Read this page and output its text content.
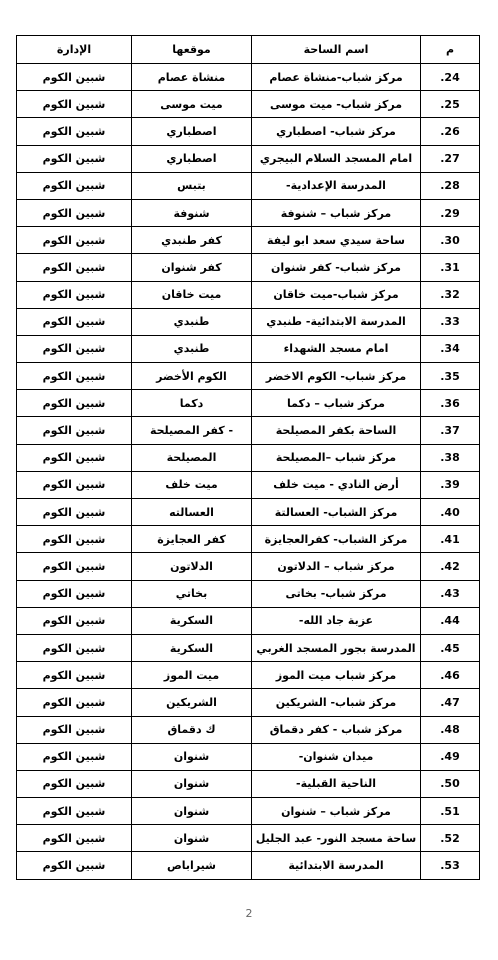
م	اسم الساحة	موقعها	الإدارة
.24	مركز شباب-منشاة عصام	منشاة عصام	شبين الكوم
.25	مركز شباب- ميت موسى	ميت موسى	شبين الكوم
.26	مركز شباب- اصطباري	اصطباري	شبين الكوم
.27	امام المسجد السلام البيجري	اصطباري	شبين الكوم
.28	المدرسة الإعدادية-	بتبس	شبين الكوم
.29	مركز شباب – شنوفة	شنوفة	شبين الكوم
.30	ساحة سيدي سعد ابو ليفة	كفر طنبدي	شبين الكوم
.31	مركز شباب- كفر شنوان	كفر شنوان	شبين الكوم
.32	مركز شباب-ميت خاقان	ميت خاقان	شبين الكوم
.33	المدرسة الابتدائية- طنبدي	طنبدي	شبين الكوم
.34	امام مسجد الشهداء	طنبدي	شبين الكوم
.35	مركز شباب- الكوم الاخضر	الكوم الأخضر	شبين الكوم
.36	مركز شباب – دكما	دكما	شبين الكوم
.37	الساحة بكفر المصيلحة	- كفر المصيلحة	شبين الكوم
.38	مركز شباب –المصيلحة	المصيلحة	شبين الكوم
.39	أرض النادي - ميت خلف	ميت خلف	شبين الكوم
.40	مركز الشباب- العسالتة	العسالته	شبين الكوم
.41	مركز الشباب- كفرالعجايزة	كفر العجايزة	شبين الكوم
.42	مركز شباب – الدلاتون	الدلاتون	شبين الكوم
.43	مركز شباب- بخاتى	بخاتي	شبين الكوم
.44	عزبة جاد الله-	السكرية	شبين الكوم
.45	المدرسة بجور المسجد الغربي	السكرية	شبين الكوم
.46	مركز شباب ميت الموز	ميت الموز	شبين الكوم
.47	مركز شباب- الشريكين	الشريكين	شبين الكوم
.48	مركز شباب - كفر دقماق	ك دقماق	شبين الكوم
.49	ميدان شنوان-	شنوان	شبين الكوم
.50	الناحية القبلية-	شنوان	شبين الكوم
.51	مركز شباب – شنوان	شنوان	شبين الكوم
.52	ساحة مسجد النور- عبد الجليل	شنوان	شبين الكوم
.53	المدرسة الابتدائية	شيراباص	شبين الكوم
2
